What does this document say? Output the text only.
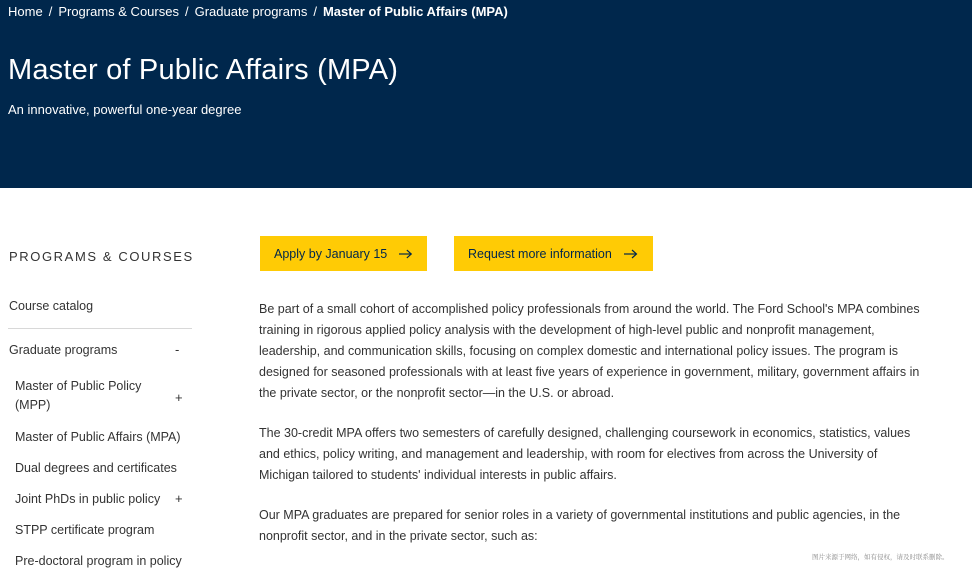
Home / Programs & Courses / Graduate programs / Master of Public Affairs (MPA)
Master of Public Affairs (MPA)
An innovative, powerful one-year degree
PROGRAMS & COURSES
Course catalog
Graduate programs	-
Master of Public Policy (MPP)	+
Master of Public Affairs (MPA)
Dual degrees and certificates
Joint PhDs in public policy +
STPP certificate program
Pre-doctoral program in policy
Apply by January 15	Request more information

Be part of a small cohort of accomplished policy professionals from around the world. The Ford School's MPA combines training in rigorous applied policy analysis with the development of high-level public and nonprofit management, leadership, and communication skills, focusing on complex domestic and international policy issues. The program is designed for seasoned professionals with at least five years of experience in government, military, government affairs in the private sector, or the nonprofit sector—in the U.S. or abroad.

The 30-credit MPA offers two semesters of carefully designed, challenging coursework in economics, statistics, values and ethics, policy writing, and management and leadership, with room for electives from across the University of Michigan tailored to students' individual interests in public affairs.

Our MPA graduates are prepared for senior roles in a variety of governmental institutions and public agencies, in the nonprofit sector, and in the private sector, such as:

图片来源于网络，如有侵权，请及时联系删除。
